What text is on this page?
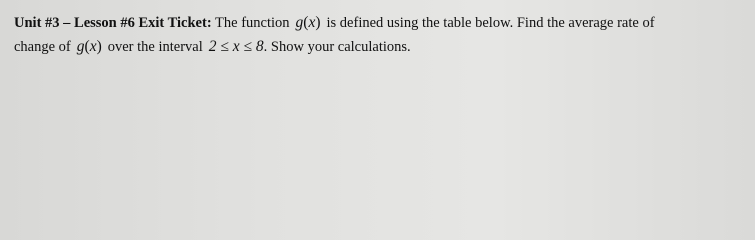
Unit #3 – Lesson #6 Exit Ticket: The function g(x) is defined using the table below. Find the average rate of
change of g(x) over the interval 2 ≤ x ≤ 8. Show your calculations.
